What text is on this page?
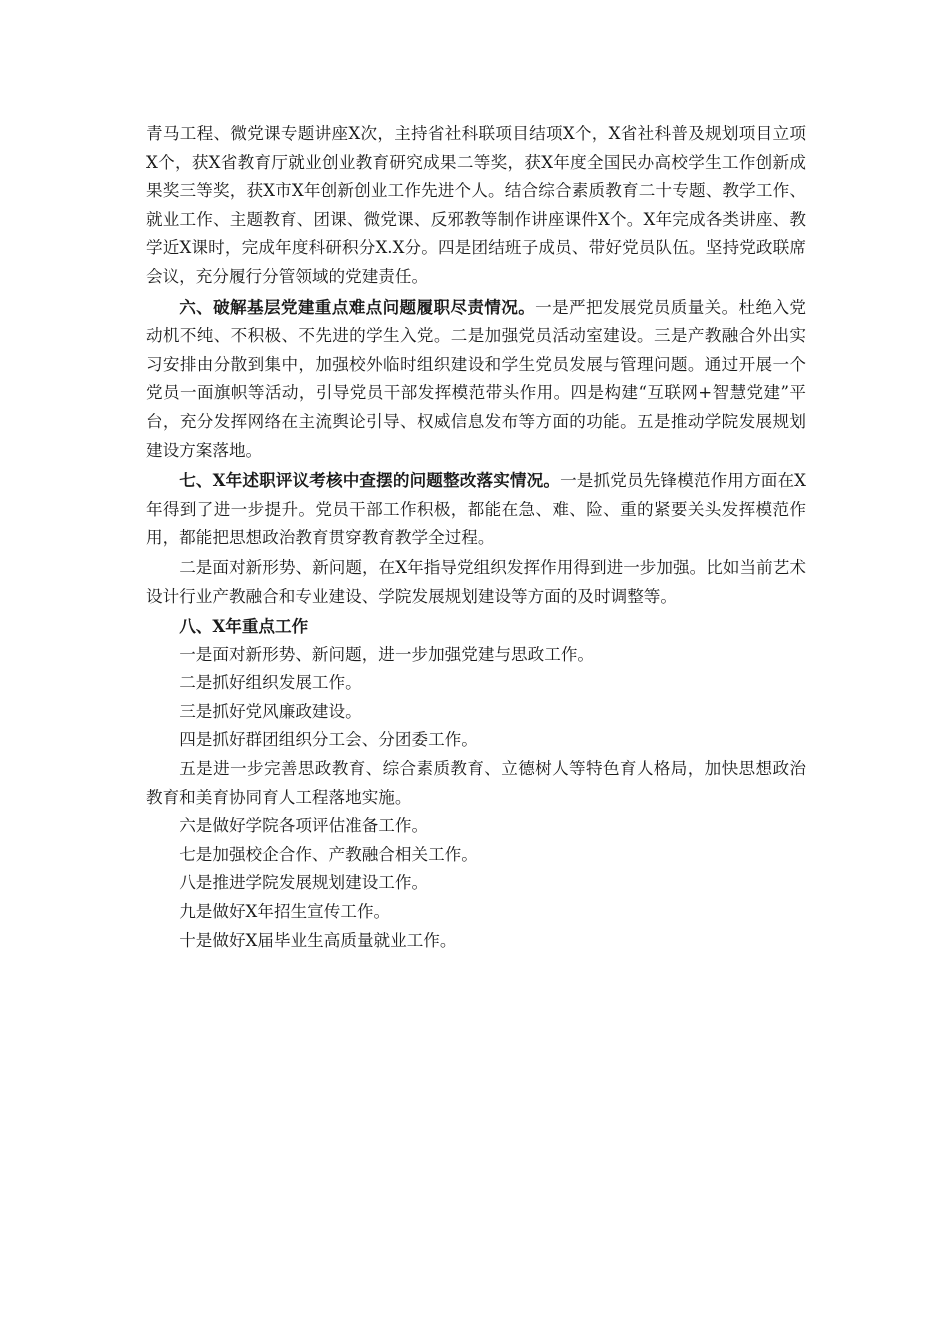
青马工程、微党课专题讲座X次，主持省社科联项目结项X个，X省社科普及规划项目立项X个，获X省教育厅就业创业教育研究成果二等奖，获X年度全国民办高校学生工作创新成果奖三等奖，获X市X年创新创业工作先进个人。结合综合素质教育二十专题、教学工作、就业工作、主题教育、团课、微党课、反邪教等制作讲座课件X个。X年完成各类讲座、教学近X课时，完成年度科研积分X.X分。四是团结班子成员、带好党员队伍。坚持党政联席会议，充分履行分管领域的党建责任。

六、破解基层党建重点难点问题履职尽责情况。一是严把发展党员质量关。杜绝入党动机不纯、不积极、不先进的学生入党。二是加强党员活动室建设。三是产教融合外出实习安排由分散到集中，加强校外临时组织建设和学生党员发展与管理问题。通过开展一个党员一面旗帜等活动，引导党员干部发挥模范带头作用。四是构建“互联网+智慧党建”平台，充分发挥网络在主流舆论引导、权威信息发布等方面的功能。五是推动学院发展规划建设方案落地。

七、X年述职评议考核中查摆的问题整改落实情况。一是抓党员先锋模范作用方面在X年得到了进一步提升。党员干部工作积极，都能在急、难、险、重的紧要关头发挥模范作用，都能把思想政治教育贯穿教育教学全过程。

二是面对新形势、新问题，在X年指导党组织发挥作用得到进一步加强。比如当前艺术设计行业产教融合和专业建设、学院发展规划建设等方面的及时调整等。

八、X年重点工作

一是面对新形势、新问题，进一步加强党建与思政工作。

二是抓好组织发展工作。

三是抓好党风廉政建设。

四是抓好群团组织分工会、分团委工作。

五是进一步完善思政教育、综合素质教育、立德树人等特色育人格局，加快思想政治教育和美育协同育人工程落地实施。

六是做好学院各项评估准备工作。

七是加强校企合作、产教融合相关工作。

八是推进学院发展规划建设工作。

九是做好X年招生宣传工作。

十是做好X届毕业生高质量就业工作。
